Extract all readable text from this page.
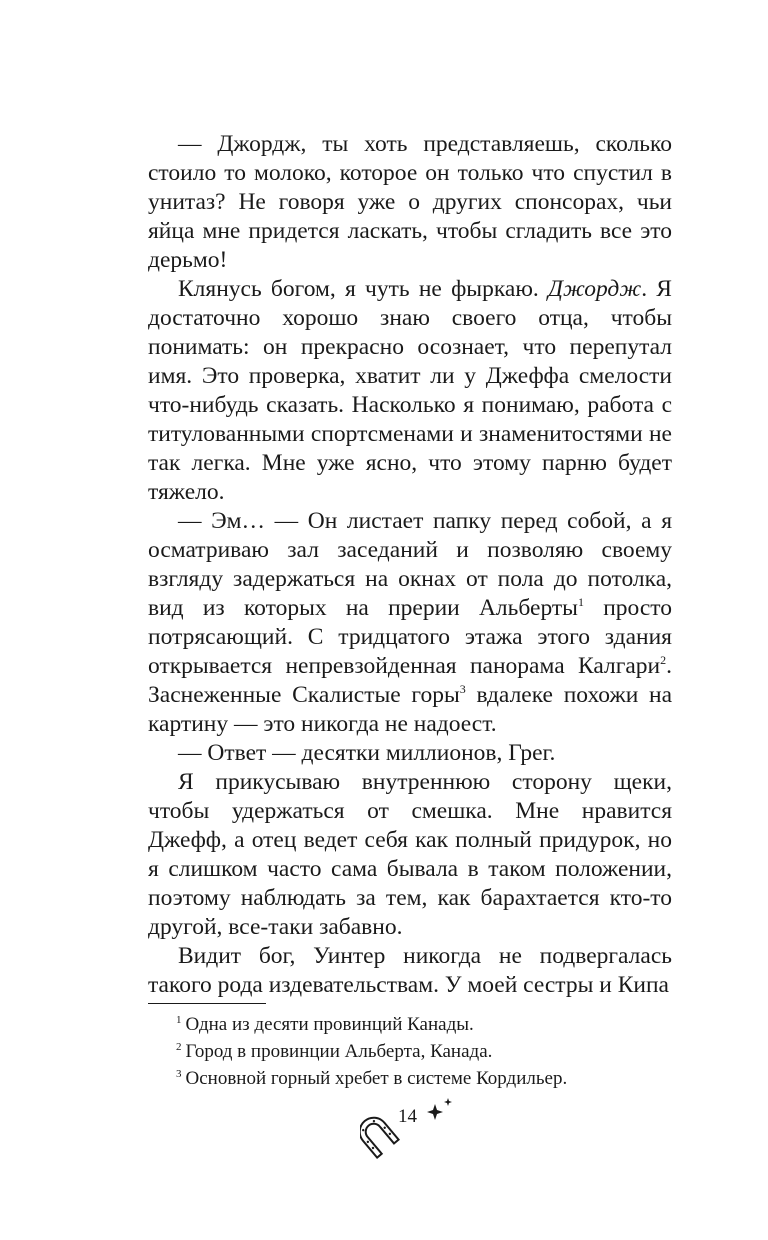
— Джордж, ты хоть представляешь, сколько стоило то молоко, которое он только что спустил в унитаз? Не говоря уже о других спонсорах, чьи яйца мне придется ласкать, чтобы сгладить все это дерьмо!

Клянусь богом, я чуть не фыркаю. Джордж. Я достаточно хорошо знаю своего отца, чтобы понимать: он прекрасно осознает, что перепутал имя. Это проверка, хватит ли у Джеффа смелости что-нибудь сказать. Насколько я понимаю, работа с титулованными спортсменами и знаменитостями не так легка. Мне уже ясно, что этому парню будет тяжело.

— Эм… — Он листает папку перед собой, а я осматриваю зал заседаний и позволяю своему взгляду задержаться на окнах от пола до потолка, вид из которых на прерии Альберты$^1$ просто потрясающий. С тридцатого этажа этого здания открывается непревзойденная панорама Калгари$^2$. Заснеженные Скалистые горы$^3$ вдалеке похожи на картину — это никогда не надоест.

— Ответ — десятки миллионов, Грег.

Я прикусываю внутреннюю сторону щеки, чтобы удержаться от смешка. Мне нравится Джефф, а отец ведет себя как полный придурок, но я слишком часто сама бывала в таком положении, поэтому наблюдать за тем, как барахтается кто-то другой, все-таки забавно.

Видит бог, Уинтер никогда не подвергалась такого рода издевательствам. У моей сестры и Кипа

$^1$ Одна из десяти провинций Канады.

$^2$ Город в провинции Альберта, Канада.

$^3$ Основной горный хребет в системе Кордильер.

14
